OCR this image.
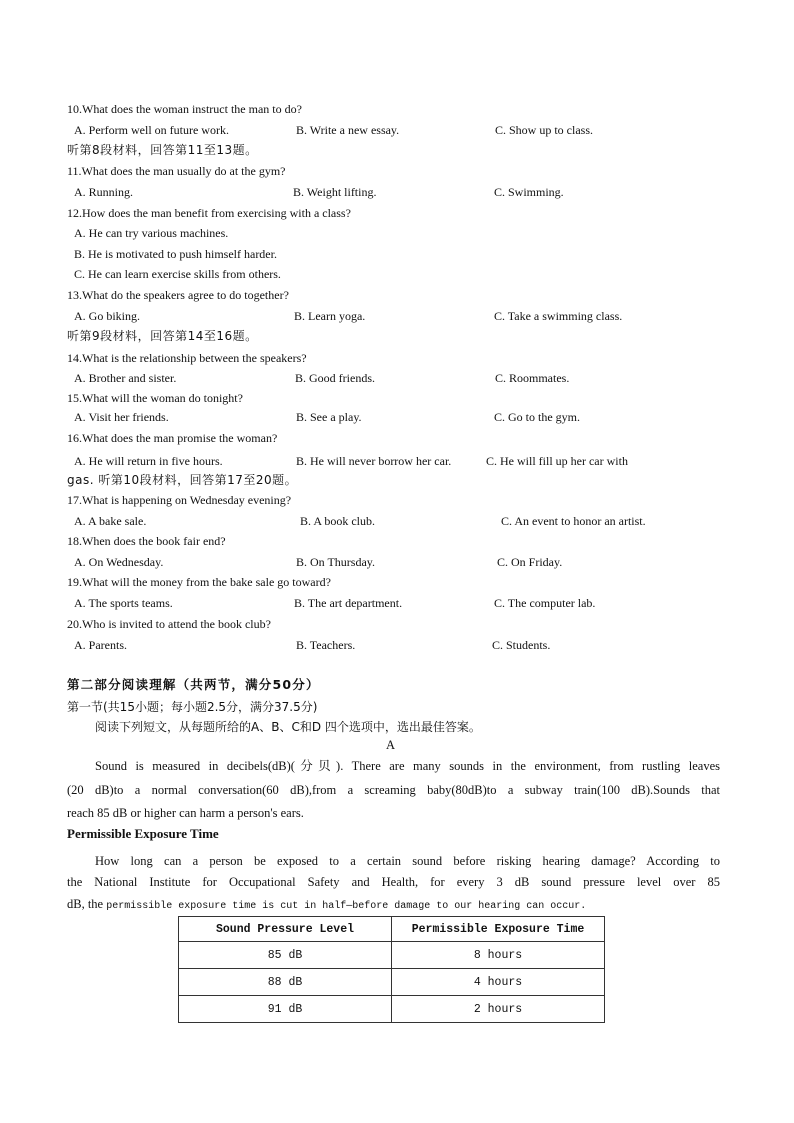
10.What does the woman instruct the man to do?
A. Perform well on future work.	B. Write a new essay.	C. Show up to class.
听第8段材料，回答第11至13题。
11.What does the man usually do at the gym?
A. Running.	B. Weight lifting.	C. Swimming.
12.How does the man benefit from exercising with a class?
A. He can try various machines.
B. He is motivated to push himself harder.
C. He can learn exercise skills from others.
13.What do the speakers agree to do together?
A. Go biking.	B. Learn yoga.	C. Take a swimming class.
听第9段材料，回答第14至16题。
14.What is the relationship between the speakers?
A. Brother and sister.	B. Good friends.	C. Roommates.
15.What will the woman do tonight?
A. Visit her friends.	B. See a play.	C. Go to the gym.
16.What does the man promise the woman?
A. He will return in five hours.	B. He will never borrow her car.	C. He will fill up her car with
gas. 听第10段材料，回答第17至20题。
17.What is happening on Wednesday evening?
A. A bake sale.	B. A book club.	C. An event to honor an artist.
18.When does the book fair end?
A. On Wednesday.	B. On Thursday.	C. On Friday.
19.What will the money from the bake sale go toward?
A. The sports teams.	B. The art department.	C. The computer lab.
20.Who is invited to attend the book club?
A. Parents.	B. Teachers.	C. Students.
第二部分阅读理解（共两节，满分50分）
第一节(共15小题；每小题2.5分，满分37.5分)
阅读下列短文，从每题所给的A、B、C和D 四个选项中，选出最佳答案。
A
Sound is measured in decibels(dB)(分贝). There are many sounds in the environment, from rustling leaves
(20 dB)to a normal conversation(60 dB),from a screaming baby(80dB)to a subway train(100 dB).Sounds that
reach 85 dB or higher can harm a person's ears.
Permissible Exposure Time
How long can a person be exposed to a certain sound before risking hearing damage? According to
the National Institute for Occupational Safety and Health, for every 3 dB sound pressure level over 85
dB, the permissible exposure time is cut in half—before damage to our hearing can occur.
Sound Pressure Level	Permissible Exposure Time
85 dB	8 hours
88 dB	4 hours
91 dB	2 hours
